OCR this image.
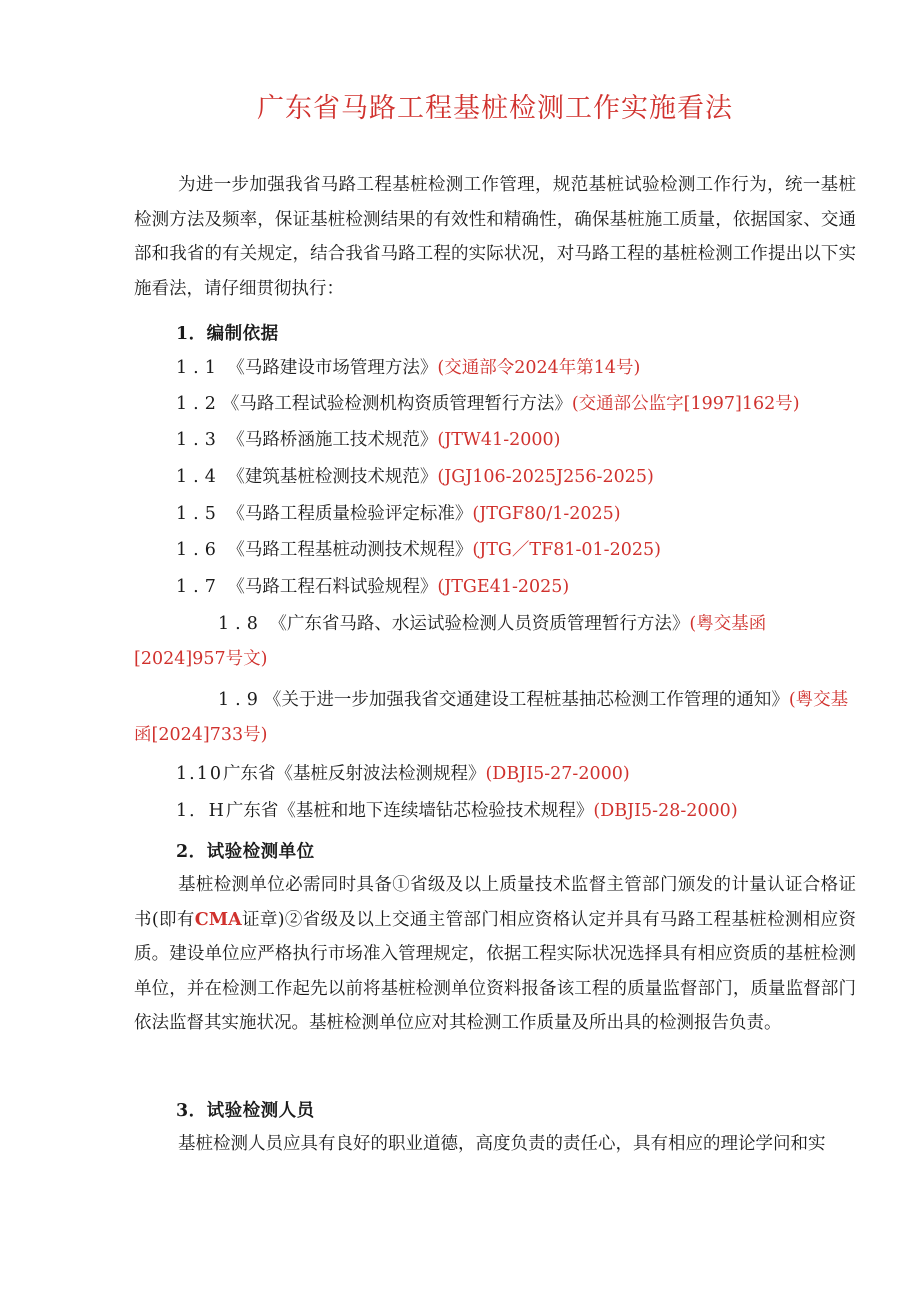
广东省马路工程基桩检测工作实施看法
为进一步加强我省马路工程基桩检测工作管理，规范基桩试验检测工作行为，统一基桩检测方法及频率，保证基桩检测结果的有效性和精确性，确保基桩施工质量，依据国家、交通部和我省的有关规定，结合我省马路工程的实际状况，对马路工程的基桩检测工作提出以下实施看法，请仔细贯彻执行：
1．编制依据
1.1 《马路建设市场管理方法》(交通部令2024年第14号)
1.2《马路工程试验检测机构资质管理暂行方法》(交通部公监字[1997]162号)
1.3 《马路桥涵施工技术规范》(JTW41-2000)
1.4 《建筑基桩检测技术规范》(JGJ106-2025J256-2025)
1.5 《马路工程质量检验评定标准》(JTGF80/1-2025)
1.6 《马路工程基桩动测技术规程》(JTG／TF81-01-2025)
1.7 《马路工程石料试验规程》(JTGE41-2025)
1.8 《广东省马路、水运试验检测人员资质管理暂行方法》(粤交基函[2024]957号文)
1.9《关于进一步加强我省交通建设工程桩基抽芯检测工作管理的通知》(粤交基函[2024]733号)
1.10广东省《基桩反射波法检测规程》(DBJI5-27-2000)
1．H广东省《基桩和地下连续墙钻芯检验技术规程》(DBJI5-28-2000)
2．试验检测单位
基桩检测单位必需同时具备①省级及以上质量技术监督主管部门颁发的计量认证合格证书(即有CMA证章)②省级及以上交通主管部门相应资格认定并具有马路工程基桩检测相应资质。建设单位应严格执行市场准入管理规定，依据工程实际状况选择具有相应资质的基桩检测单位，并在检测工作起先以前将基桩检测单位资料报备该工程的质量监督部门，质量监督部门依法监督其实施状况。基桩检测单位应对其检测工作质量及所出具的检测报告负责。
3．试验检测人员
基桩检测人员应具有良好的职业道德，高度负责的责任心，具有相应的理论学问和实
